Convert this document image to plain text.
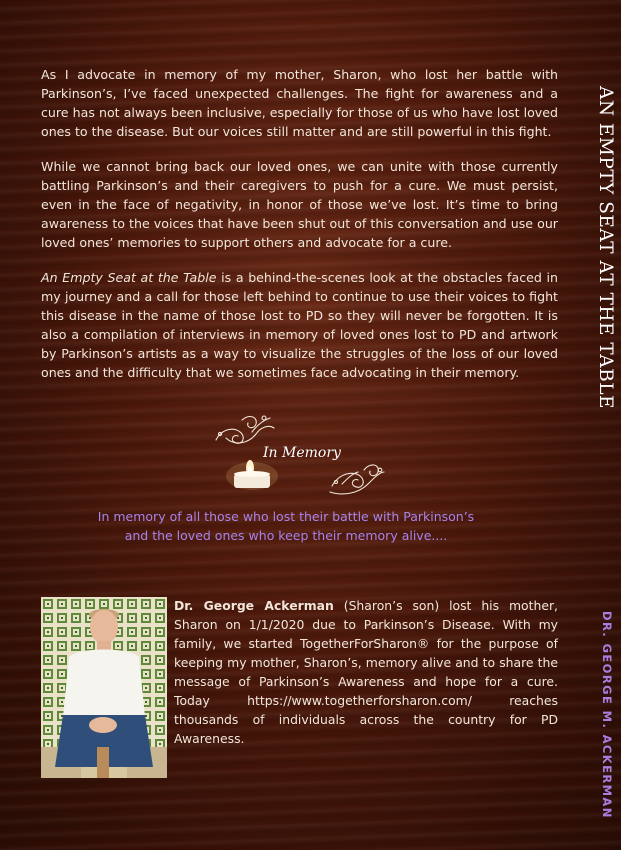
AN EMPTY SEAT AT THE TABLE
DR. GEORGE M. ACKERMAN

As I advocate in memory of my mother, Sharon, who lost her battle with Parkinson’s, I’ve faced unexpected challenges. The fight for awareness and a cure has not always been inclusive, especially for those of us who have lost loved ones to the disease. But our voices still matter and are still powerful in this fight.

While we cannot bring back our loved ones, we can unite with those currently battling Parkinson’s and their caregivers to push for a cure. We must persist, even in the face of negativity, in honor of those we’ve lost. It’s time to bring awareness to the voices that have been shut out of this conversation and use our loved ones’ memories to support others and advocate for a cure.

An Empty Seat at the Table is a behind-the-scenes look at the obstacles faced in my journey and a call for those left behind to continue to use their voices to fight this disease in the name of those lost to PD so they will never be forgotten. It is also a compilation of interviews in memory of loved ones lost to PD and artwork by Parkinson’s artists as a way to visualize the struggles of the loss of our loved ones and the difficulty that we sometimes face advocating in their memory.

In Memory

In memory of all those who lost their battle with Parkinson’s
and the loved ones who keep their memory alive....

Dr. George Ackerman (Sharon’s son) lost his mother, Sharon on 1/1/2020 due to Parkinson’s Disease. With my family, we started TogetherForSharon® for the purpose of keeping my mother, Sharon’s, memory alive and to share the message of Parkinson’s Awareness and hope for a cure. Today https://www.togetherforsharon.com/ reaches thousands of individuals across the country for PD Awareness.
